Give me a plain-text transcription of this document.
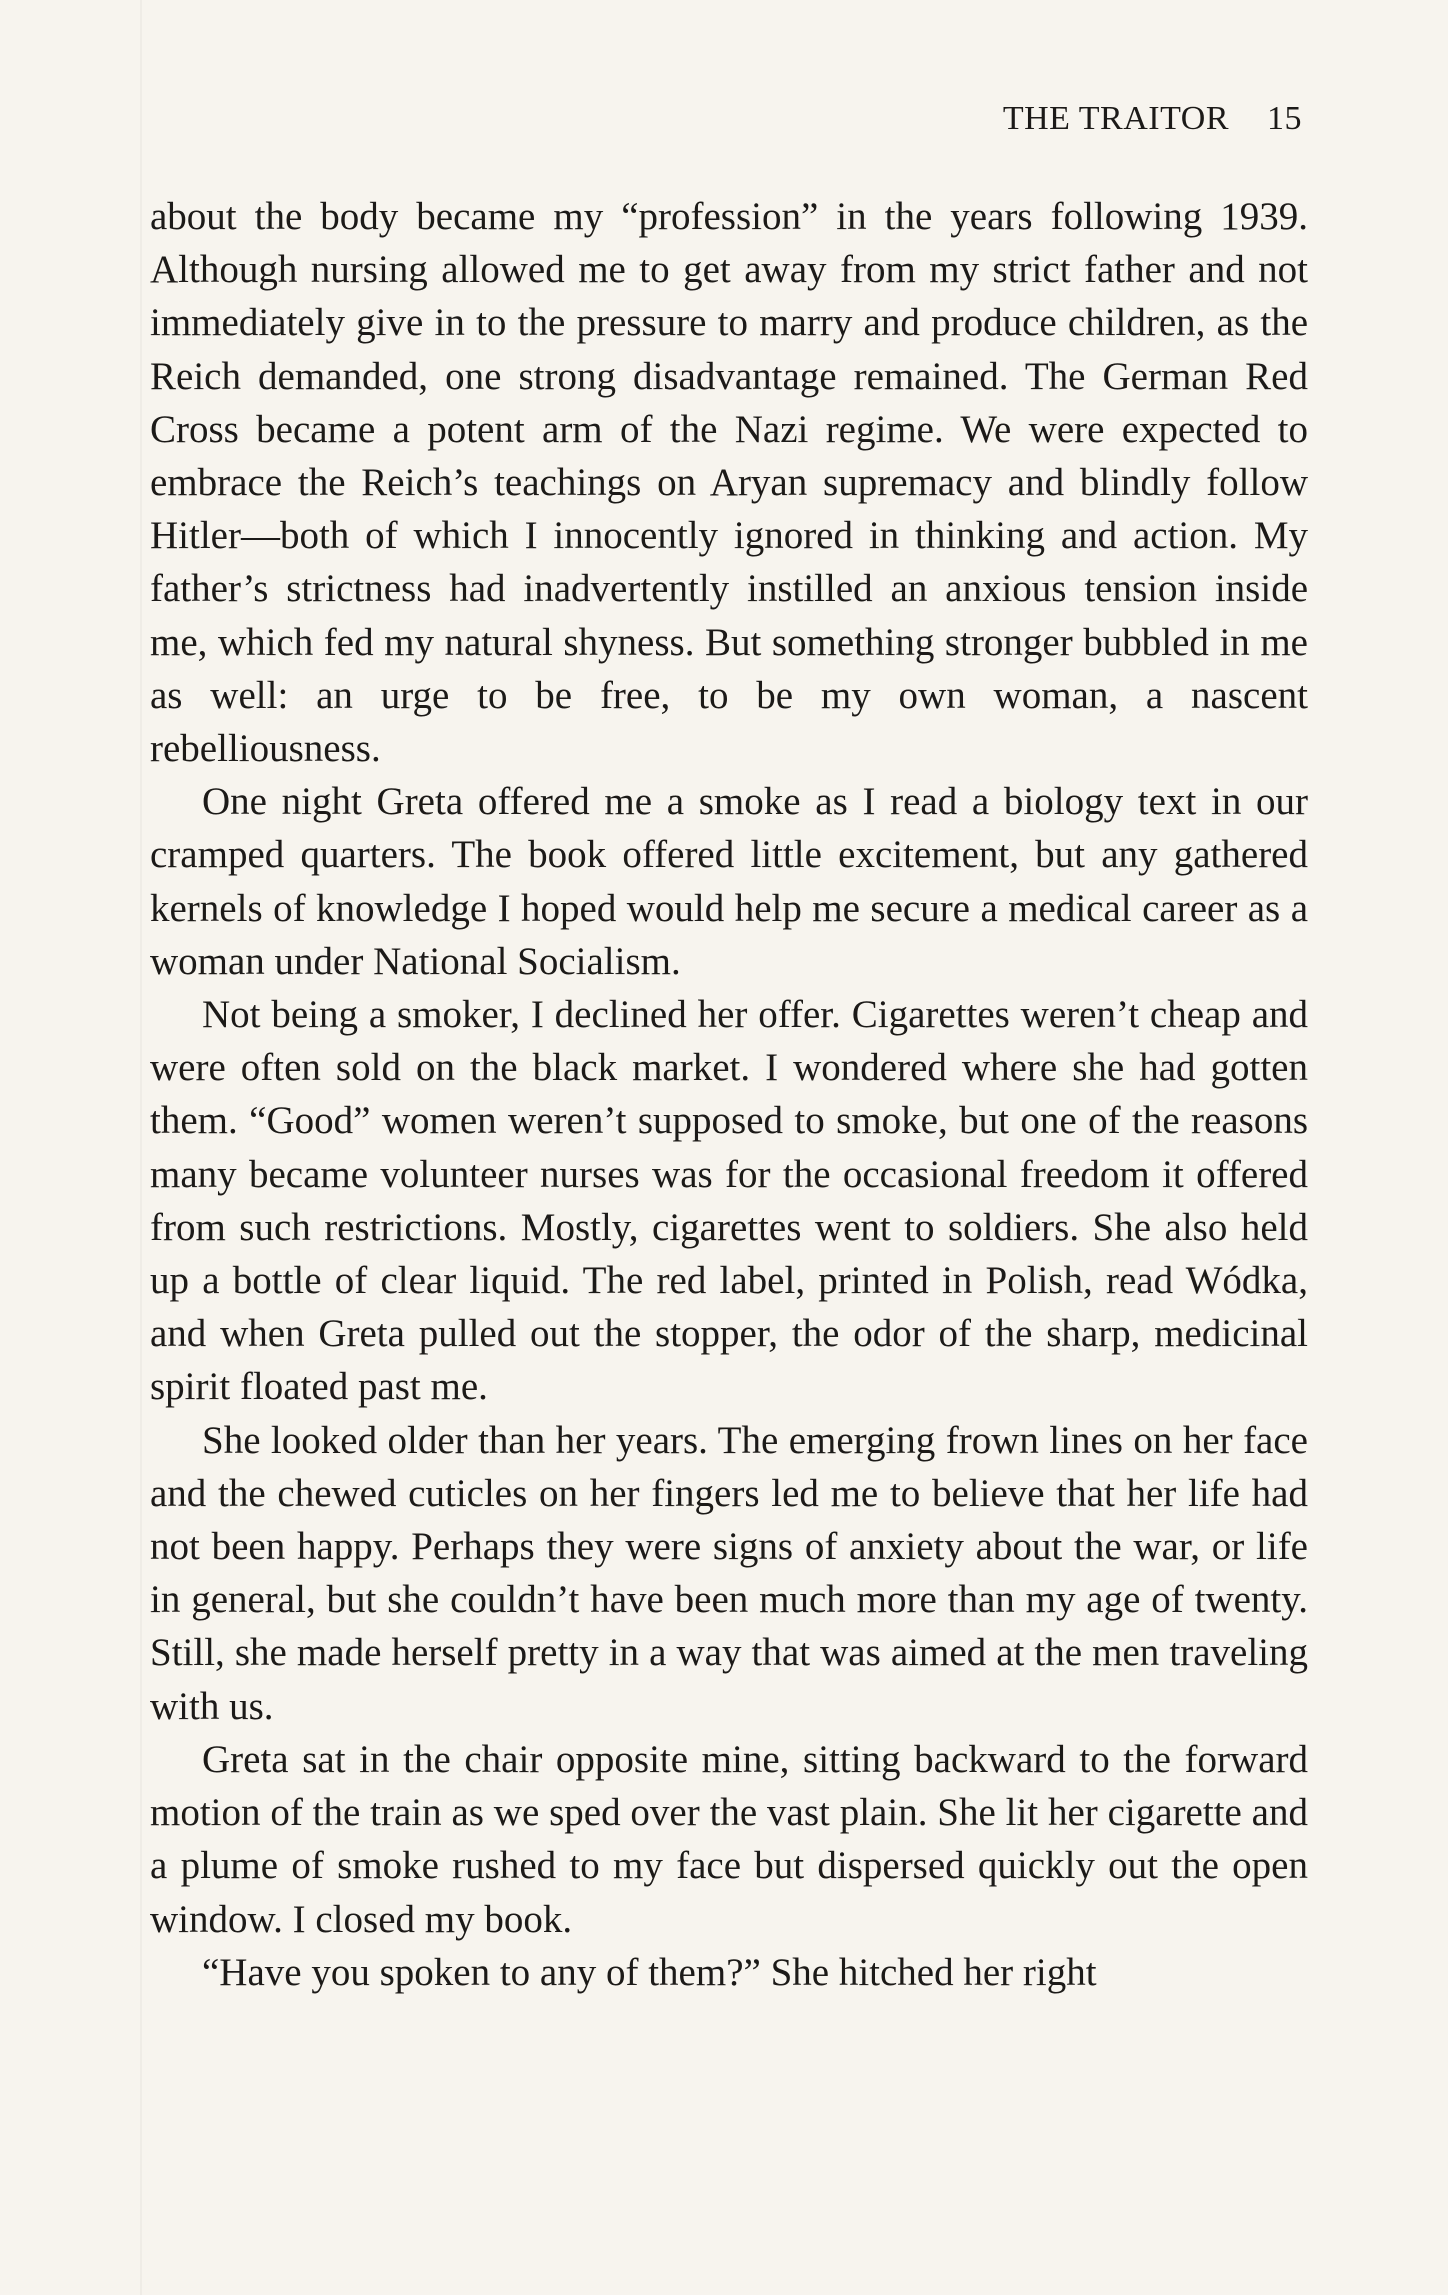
THE TRAITOR 15

about the body became my “profession” in the years following 1939. Although nursing allowed me to get away from my strict father and not immediately give in to the pressure to marry and produce children, as the Reich demanded, one strong disadvantage remained. The German Red Cross became a potent arm of the Nazi regime. We were expected to embrace the Reich’s teachings on Aryan supremacy and blindly follow Hitler—both of which I innocently ignored in thinking and action. My father’s strictness had inadvertently instilled an anxious tension inside me, which fed my natural shyness. But something stronger bubbled in me as well: an urge to be free, to be my own woman, a nascent rebelliousness.

One night Greta offered me a smoke as I read a biology text in our cramped quarters. The book offered little excitement, but any gathered kernels of knowledge I hoped would help me secure a medical career as a woman under National Socialism.

Not being a smoker, I declined her offer. Cigarettes weren’t cheap and were often sold on the black market. I wondered where she had gotten them. “Good” women weren’t supposed to smoke, but one of the reasons many became volunteer nurses was for the occasional freedom it offered from such restrictions. Mostly, cigarettes went to soldiers. She also held up a bottle of clear liquid. The red label, printed in Polish, read Wódka, and when Greta pulled out the stopper, the odor of the sharp, medicinal spirit floated past me.

She looked older than her years. The emerging frown lines on her face and the chewed cuticles on her fingers led me to believe that her life had not been happy. Perhaps they were signs of anxiety about the war, or life in general, but she couldn’t have been much more than my age of twenty. Still, she made herself pretty in a way that was aimed at the men traveling with us.

Greta sat in the chair opposite mine, sitting backward to the forward motion of the train as we sped over the vast plain. She lit her cigarette and a plume of smoke rushed to my face but dispersed quickly out the open window. I closed my book.

“Have you spoken to any of them?” She hitched her right
